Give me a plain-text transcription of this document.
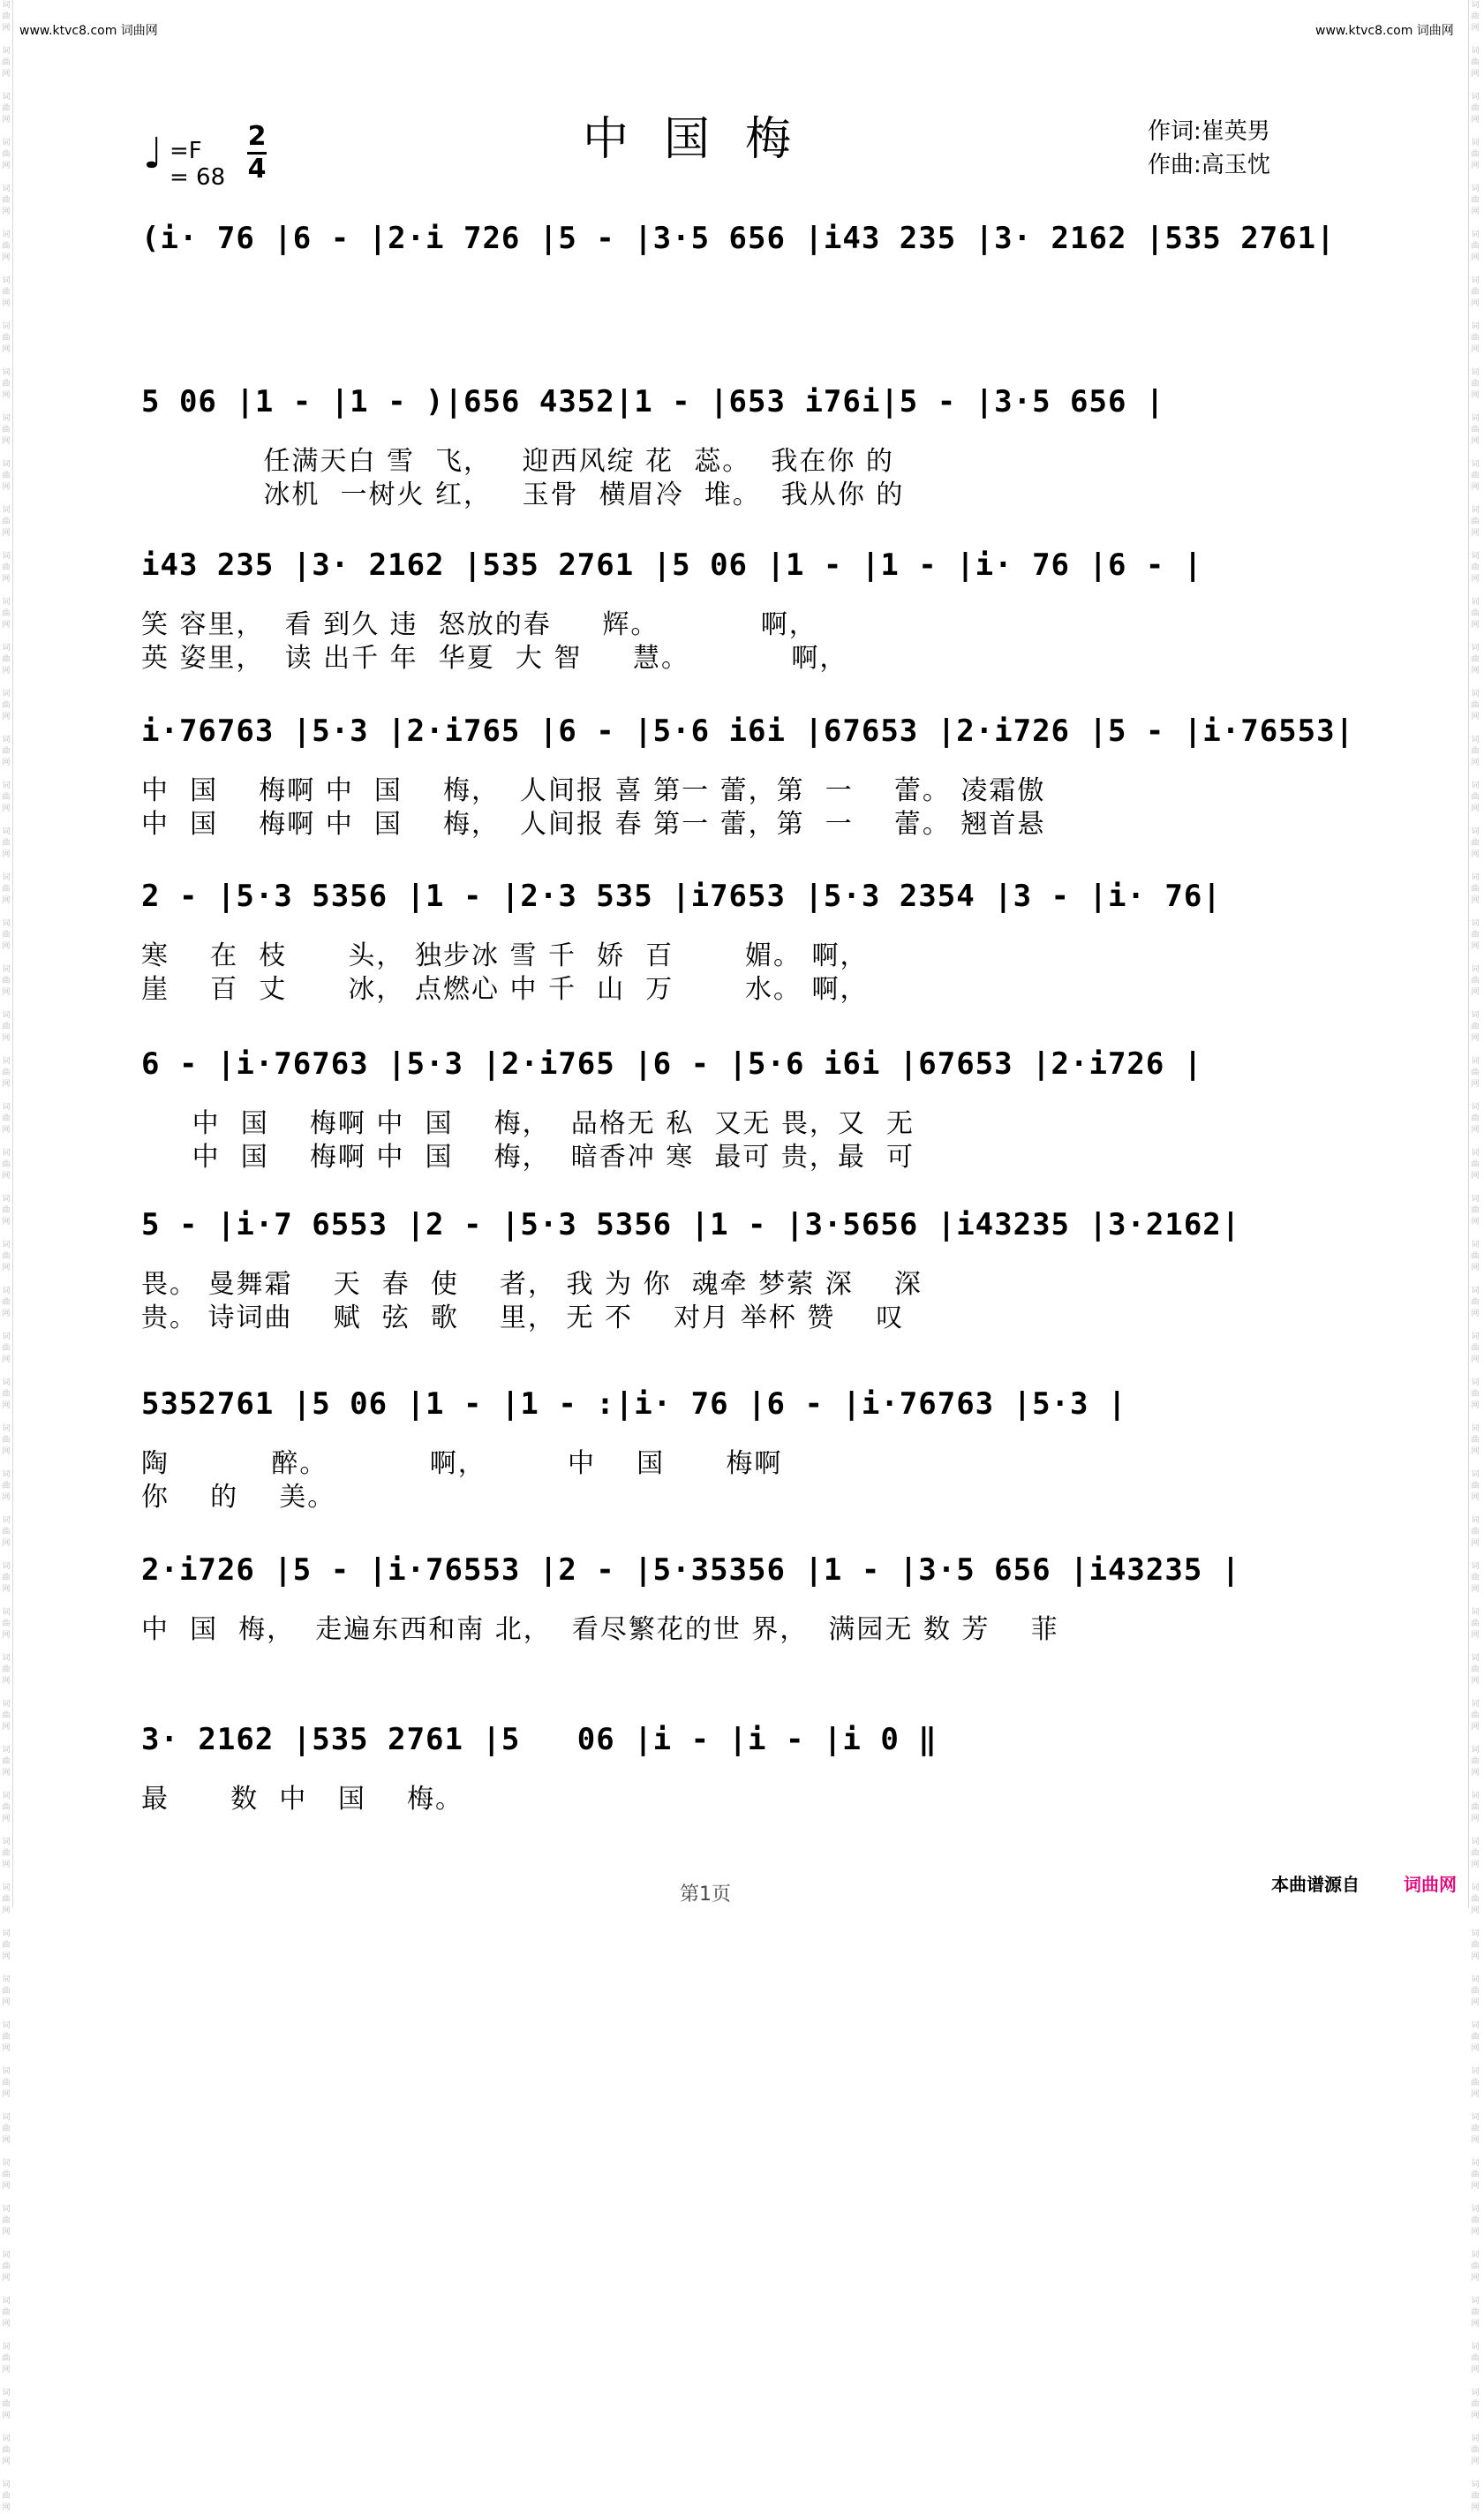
词
曲
网

词
曲
网

词
曲
网

词
曲
网

词
曲
网

词
曲
网

词
曲
网

词
曲
网

词
曲
网

词
曲
网

词
曲
网

词
曲
网

词
曲
网

词
曲
网

词
曲
网

词
曲
网

词
曲
网

词
曲
网

词
曲
网

词
曲
网

词
曲
网

词
曲
网

词
曲
网

词
曲
网

词
曲
网

词
曲
网

词
曲
网

词
曲
网

词
曲
网

词
曲
网

词
曲
网

词
曲
网

词
曲
网

词
曲
网

词
曲
网

词
曲
网

词
曲
网

词
曲
网

词
曲
网

词
曲
网

词
曲
网

词
曲
网

词
曲
网

词
曲
网

词
曲
网

词
曲
网

词
曲
网

词
曲
网

词
曲
网

词
曲
网

词
曲
网

词
曲
网

词
曲
网

词
曲
网

词
曲
网

词
曲
网

词
曲
网

词
曲
网

词
曲
网

词
曲
网

词
曲
网

词
曲
网

词
曲
网

词
曲
网

词
曲
网

词
曲
网

词
曲
网

词
曲
网

词
曲
网

词
曲
网

词
曲
网

词
曲
网

词
曲
网

词
曲
网

词
曲
网

词
曲
网

词
曲
网

词
曲
网

词
曲
网

词
曲
网

词
曲
网

词
曲
网

词
曲
网

词
曲
网

词
曲
网

词
曲
网

词
曲
网

词
曲
网

词
曲
网

词
曲
网

词
曲
网

词
曲
网

词
曲
网

词
曲
网

词
曲
网

词
曲
网

词
曲
网

词
曲
网

词
曲
网

词
曲
网

词
曲
网

词
曲
网

词
曲
网

词
曲
网

词
曲
网

词
曲
网

词
曲
网

词
曲
网

词
曲
网

词
曲
网

www.ktvc8.com 词曲网	www.ktvc8.com 词曲网
中国梅	作词:崔英男
作曲:高玉忱
♩ =F
= 68
2
4
(i· 76 |6 - |2·i 726 |5 - |3·5 656 |i43 235 |3· 2162 |535 2761|
5 06 |1 - |1 - )|656 4352|1 - |653 i76i|5 - |3·5 656 |
任满天白 雪  飞，   迎西风绽 花  蕊。  我在你 的
冰机  一树火 红，   玉骨  横眉冷  堆。  我从你 的
i43 235 |3· 2162 |535 2761 |5 06 |1 - |1 - |i· 76 |6 - |
笑 容里，  看 到久 违  怒放的春     辉。          啊，
英 姿里，  读 出千 年  华夏  大 智     慧。          啊，
i·76763 |5·3 |2·i765 |6 - |5·6 i6i |67653 |2·i726 |5 - |i·76553|
中  国    梅啊 中  国    梅，  人间报 喜 第一 蕾，第  一    蕾。 凌霜傲
中  国    梅啊 中  国    梅，  人间报 春 第一 蕾，第  一    蕾。 翘首悬
2 - |5·3 5356 |1 - |2·3 535 |i7653 |5·3 2354 |3 - |i· 76|
寒    在  枝      头， 独步冰 雪 千  娇  百       媚。 啊，
崖    百  丈      冰， 点燃心 中 千  山  万       水。 啊，
6 - |i·76763 |5·3 |2·i765 |6 - |5·6 i6i |67653 |2·i726 |
中  国    梅啊 中  国    梅，  品格无 私  又无 畏，又  无
中  国    梅啊 中  国    梅，  暗香冲 寒  最可 贵，最  可
5 - |i·7 6553 |2 - |5·3 5356 |1 - |3·5656 |i43235 |3·2162|
畏。 曼舞霜    天  春  使    者， 我 为 你  魂牵 梦萦 深    深
贵。 诗词曲    赋  弦  歌    里， 无 不    对月 举杯 赞    叹
5352761 |5 06 |1 - |1 - :|i· 76 |6 - |i·76763 |5·3 |
陶          醉。          啊，        中    国      梅啊
你    的    美。
2·i726 |5 - |i·76553 |2 - |5·35356 |1 - |3·5 656 |i43235 |
中  国  梅，  走遍东西和南 北，  看尽繁花的世 界，  满园无 数 芳    菲
3· 2162 |535 2761 |5   06 |i - |i - |i 0 ‖
最      数  中   国    梅。
本曲谱源自	词曲网
第1页
